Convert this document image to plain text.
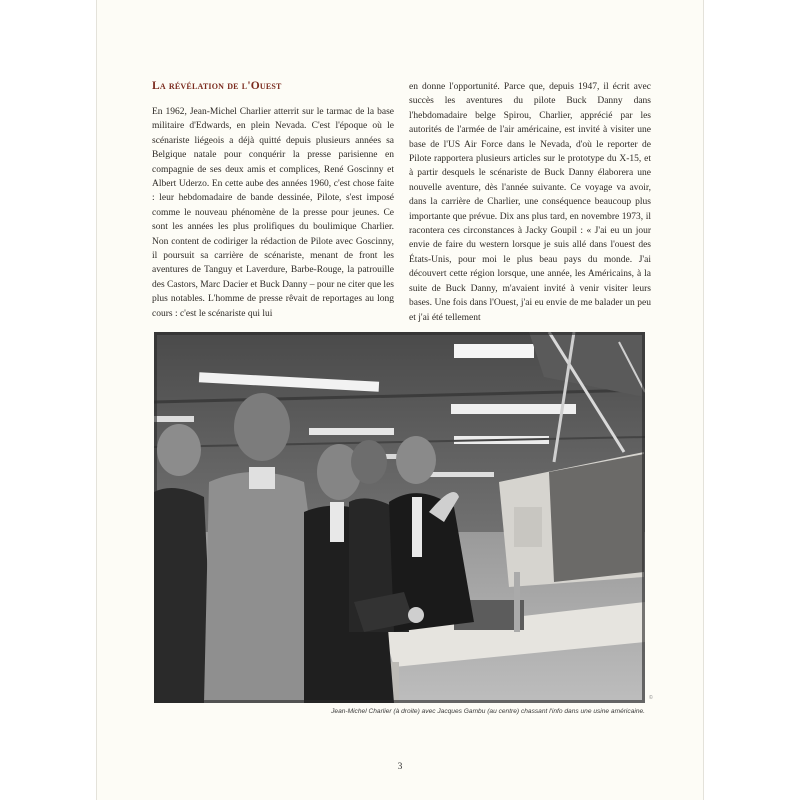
La révélation de l'Ouest

En 1962, Jean-Michel Charlier atterrit sur le tarmac de la base militaire d'Edwards, en plein Nevada. C'est l'époque où le scénariste liégeois a déjà quitté depuis plusieurs années sa Belgique natale pour conquérir la presse parisienne en compagnie de ses deux amis et complices, René Goscinny et Albert Uderzo. En cette aube des années 1960, c'est chose faite : leur hebdomadaire de bande dessinée, Pilote, s'est imposé comme le nouveau phénomène de la presse pour jeunes. Ce sont les années les plus prolifiques du boulimique Charlier. Non content de codiriger la rédaction de Pilote avec Goscinny, il poursuit sa carrière de scénariste, menant de front les aventures de Tanguy et Laverdure, Barbe-Rouge, la patrouille des Castors, Marc Dacier et Buck Danny – pour ne citer que les plus notables. L'homme de presse rêvait de reportages au long cours : c'est le scénariste qui lui

en donne l'opportunité. Parce que, depuis 1947, il écrit avec succès les aventures du pilote Buck Danny dans l'hebdomadaire belge Spirou, Charlier, apprécié par les autorités de l'armée de l'air américaine, est invité à visiter une base de l'US Air Force dans le Nevada, d'où le reporter de Pilote rapportera plusieurs articles sur le prototype du X-15, et à partir desquels le scénariste de Buck Danny élaborera une nouvelle aventure, dès l'année suivante. Ce voyage va avoir, dans la carrière de Charlier, une conséquence beaucoup plus importante que prévue. Dix ans plus tard, en novembre 1973, il racontera ces circonstances à Jacky Goupil : « J'ai eu un jour envie de faire du western lorsque je suis allé dans l'ouest des États-Unis, pour moi le plus beau pays du monde. J'ai découvert cette région lorsque, une année, les Américains, à la suite de Buck Danny, m'avaient invité à venir visiter leurs bases. Une fois dans l'Ouest, j'ai eu envie de me balader un peu et j'ai été tellement

©
Jean-Michel Charlier (à droite) avec Jacques Gambu (au centre) chassant l'info dans une usine américaine.
3
